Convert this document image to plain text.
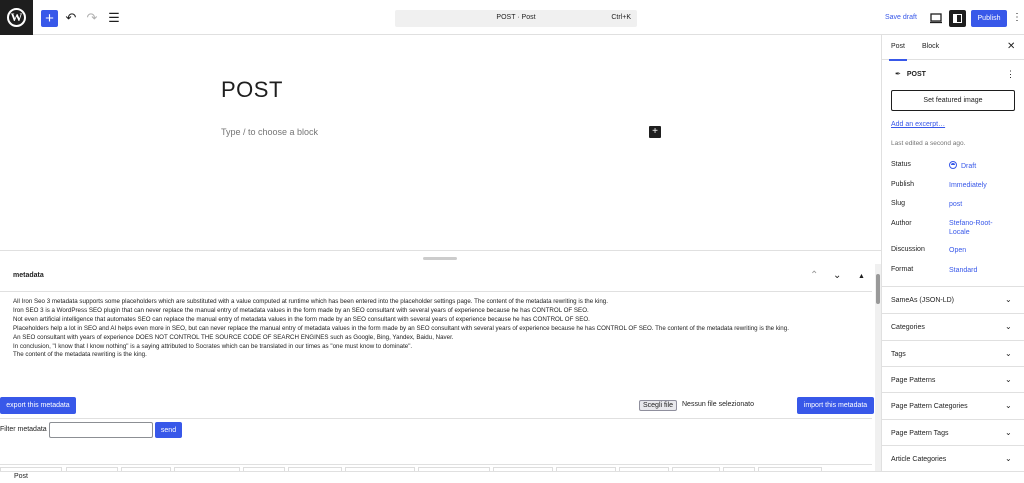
W + ↶ ↷ ☰	POST · Post	Ctrl+K	Save draft	Publish	⋮
POST
Type / to choose a block	+
metadata	⌃ ⌄ ▲
All Iron Seo 3 metadata supports some placeholders which are substituted with a value computed at runtime which has been entered into the placeholder settings page. The content of the metadata rewriting is the king.
Iron SEO 3 is a WordPress SEO plugin that can never replace the manual entry of metadata values in the form made by an SEO consultant with several years of experience because he has CONTROL OF SEO.
Not even artificial intelligence that automates SEO can replace the manual entry of metadata values in the form made by an SEO consultant with several years of experience because he has CONTROL OF SEO.
Placeholders help a lot in SEO and AI helps even more in SEO, but can never replace the manual entry of metadata values in the form made by an SEO consultant with several years of experience because he has CONTROL OF SEO. The content of the metadata rewriting is the king.
An SEO consultant with years of experience DOES NOT CONTROL THE SOURCE CODE OF SEARCH ENGINES such as Google, Bing, Yandex, Baidu, Naver.
In conclusion, "I know that I know nothing" is a saying attributed to Socrates which can be translated in our times as "one must know to dominate".
The content of the metadata rewriting is the king.
export this metadata	Scegli file	Nessun file selezionato	import this metadata
Filter metadata	send
Post
Post Block	✕
✒ POST	⋮
Set featured image
Add an excerpt…
Last edited a second ago.
Status	Draft
Publish	Immediately
Slug	post
Author	Stefano-Root-
Locale
Discussion	Open
Format	Standard
SameAs (JSON-LD)	⌄
Categories	⌄
Tags	⌄
Page Patterns	⌄
Page Pattern Categories	⌄
Page Pattern Tags	⌄
Article Categories	⌄
